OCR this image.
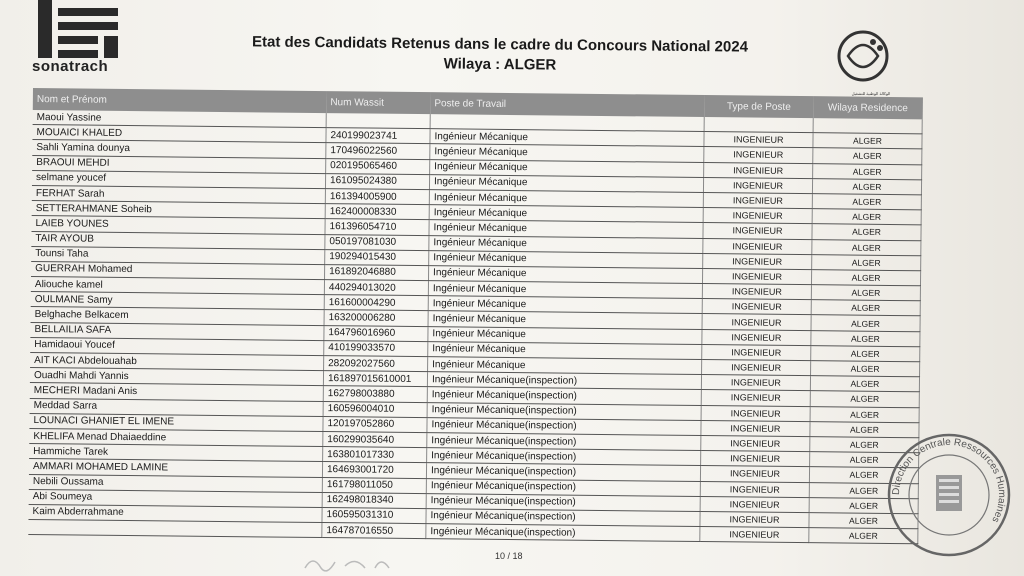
sonatrach
Etat des Candidats Retenus dans le cadre du Concours National 2024
Wilaya : ALGER
الوكالة الوطنية للتشغيل
Nom et Prénom	Num Wassit	Poste de Travail	Type de Poste	Wilaya Residence
Maoui Yassine				
MOUAICI KHALED	240199023741	Ingénieur Mécanique	INGENIEUR	ALGER
Sahli Yamina dounya	170496022560	Ingénieur Mécanique	INGENIEUR	ALGER
BRAOUI MEHDI	020195065460	Ingénieur Mécanique	INGENIEUR	ALGER
selmane youcef	161095024380	Ingénieur Mécanique	INGENIEUR	ALGER
FERHAT Sarah	161394005900	Ingénieur Mécanique	INGENIEUR	ALGER
SETTERAHMANE Soheib	162400008330	Ingénieur Mécanique	INGENIEUR	ALGER
LAIEB YOUNES	161396054710	Ingénieur Mécanique	INGENIEUR	ALGER
TAIR AYOUB	050197081030	Ingénieur Mécanique	INGENIEUR	ALGER
Tounsi Taha	190294015430	Ingénieur Mécanique	INGENIEUR	ALGER
GUERRAH Mohamed	161892046880	Ingénieur Mécanique	INGENIEUR	ALGER
Aliouche kamel	440294013020	Ingénieur Mécanique	INGENIEUR	ALGER
OULMANE Samy	161600004290	Ingénieur Mécanique	INGENIEUR	ALGER
Belghache Belkacem	163200006280	Ingénieur Mécanique	INGENIEUR	ALGER
BELLAILIA SAFA	164796016960	Ingénieur Mécanique	INGENIEUR	ALGER
Hamidaoui Youcef	410199033570	Ingénieur Mécanique	INGENIEUR	ALGER
AIT KACI Abdelouahab	282092027560	Ingénieur Mécanique	INGENIEUR	ALGER
Ouadhi Mahdi Yannis	161897015610001	Ingénieur Mécanique(inspection)	INGENIEUR	ALGER
MECHERI Madani Anis	162798003880	Ingénieur Mécanique(inspection)	INGENIEUR	ALGER
Meddad Sarra	160596004010	Ingénieur Mécanique(inspection)	INGENIEUR	ALGER
LOUNACI GHANIET EL IMENE	120197052860	Ingénieur Mécanique(inspection)	INGENIEUR	ALGER
KHELIFA Menad Dhaiaeddine	160299035640	Ingénieur Mécanique(inspection)	INGENIEUR	ALGER
Hammiche Tarek	163801017330	Ingénieur Mécanique(inspection)	INGENIEUR	ALGER
AMMARI MOHAMED LAMINE	164693001720	Ingénieur Mécanique(inspection)	INGENIEUR	ALGER
Nebili Oussama	161798011050	Ingénieur Mécanique(inspection)	INGENIEUR	ALGER
Abi Soumeya	162498018340	Ingénieur Mécanique(inspection)	INGENIEUR	ALGER
Kaim Abderrahmane	160595031310	Ingénieur Mécanique(inspection)	INGENIEUR	ALGER
	164787016550	Ingénieur Mécanique(inspection)	INGENIEUR	ALGER
10 / 18
Direction Centrale Ressources Humaines
